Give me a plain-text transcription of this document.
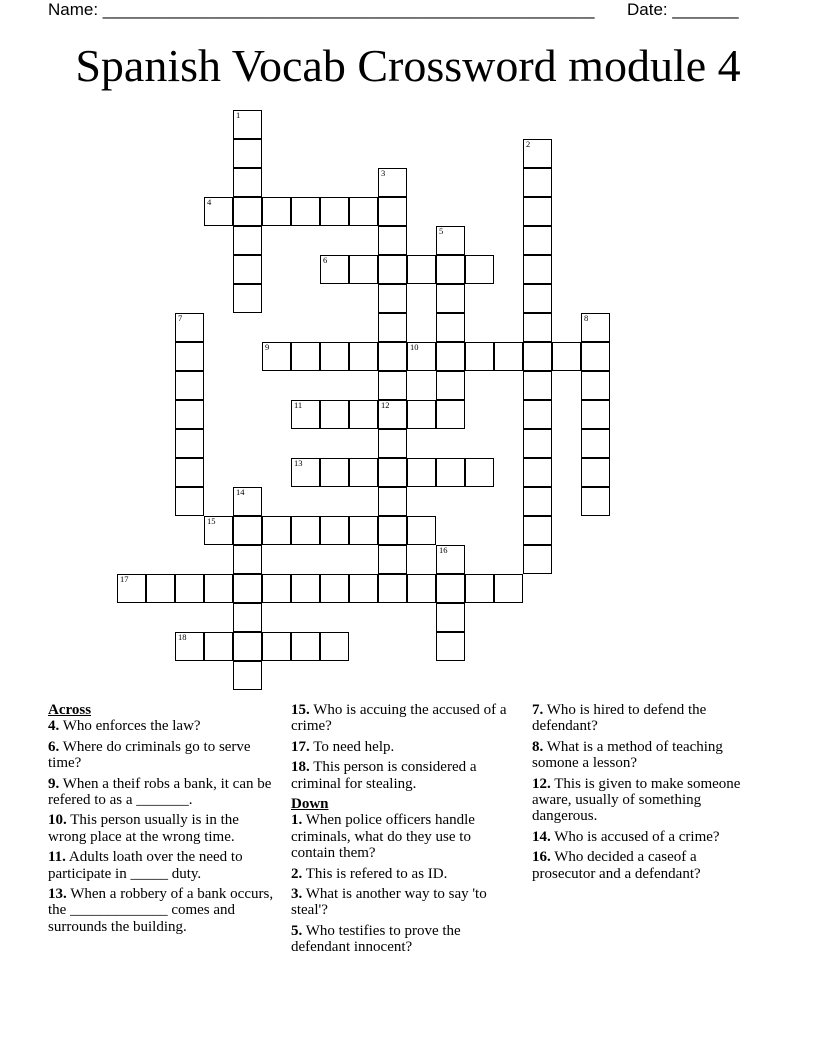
Name: ____________________________________________________ Date: _______
Spanish Vocab Crossword module 4
4
6
9	10
11	12
13
15
17
18
1
2
3
5
7	8
14
16
Across
4. Who enforces the law?
6. Where do criminals go to serve time?
9. When a theif robs a bank, it can be refered to as a _______.
10. This person usually is in the wrong place at the wrong time.
11. Adults loath over the need to participate in _____ duty.
13. When a robbery of a bank occurs, the _____________ comes and surrounds the building.
15. Who is accuing the accused of a crime?
17. To need help.
18. This person is considered a criminal for stealing.
Down
1. When police officers handle criminals, what do they use to contain them?
2. This is refered to as ID.
3. What is another way to say 'to steal'?
5. Who testifies to prove the defendant innocent?
7. Who is hired to defend the defendant?
8. What is a method of teaching somone a lesson?
12. This is given to make someone aware, usually of something dangerous.
14. Who is accused of a crime?
16. Who decided a caseof a prosecutor and a defendant?
